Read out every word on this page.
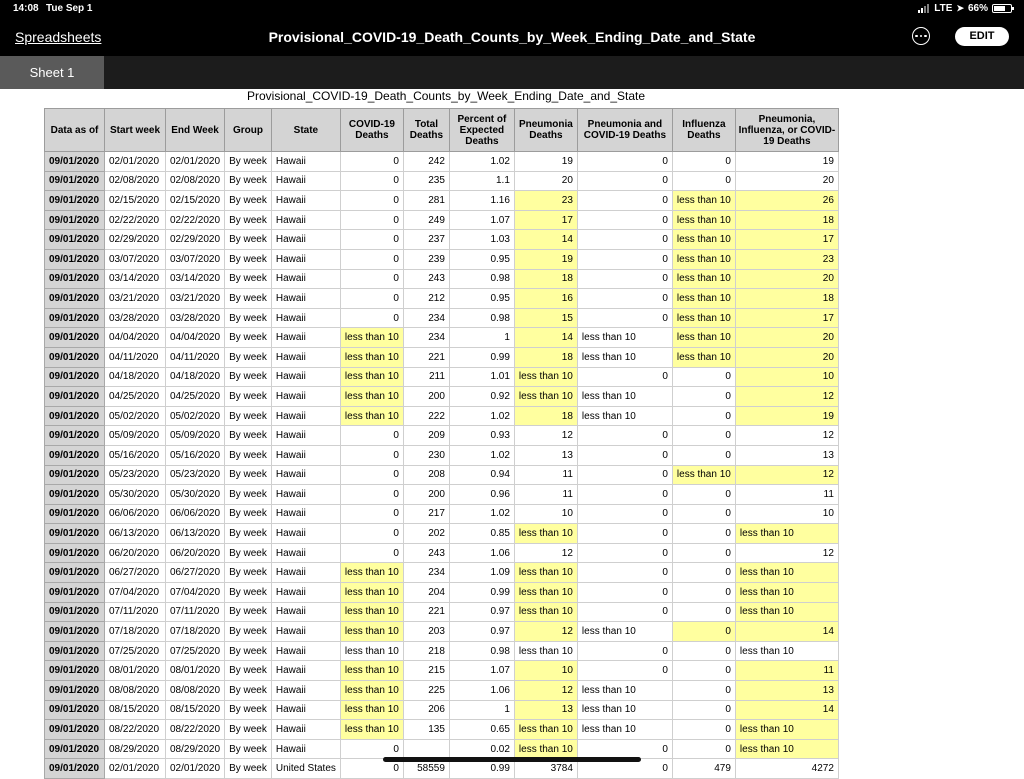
14:08 Tue Sep 1	LTE ➤ 66%
Spreadsheets	Provisional_COVID-19_Death_Counts_by_Week_Ending_Date_and_State	EDIT
Sheet 1
Provisional_COVID-19_Death_Counts_by_Week_Ending_Date_and_State
Data as of	Start week	End Week	Group	State	COVID-19 Deaths	Total Deaths	Percent of Expected Deaths	Pneumonia Deaths	Pneumonia and COVID-19 Deaths	Influenza Deaths	Pneumonia, Influenza, or COVID-19 Deaths
09/01/2020	02/01/2020	02/01/2020	By week	Hawaii	0	242	1.02	19	0	0	19
09/01/2020	02/08/2020	02/08/2020	By week	Hawaii	0	235	1.1	20	0	0	20
09/01/2020	02/15/2020	02/15/2020	By week	Hawaii	0	281	1.16	23	0	less than 10	26
09/01/2020	02/22/2020	02/22/2020	By week	Hawaii	0	249	1.07	17	0	less than 10	18
09/01/2020	02/29/2020	02/29/2020	By week	Hawaii	0	237	1.03	14	0	less than 10	17
09/01/2020	03/07/2020	03/07/2020	By week	Hawaii	0	239	0.95	19	0	less than 10	23
09/01/2020	03/14/2020	03/14/2020	By week	Hawaii	0	243	0.98	18	0	less than 10	20
09/01/2020	03/21/2020	03/21/2020	By week	Hawaii	0	212	0.95	16	0	less than 10	18
09/01/2020	03/28/2020	03/28/2020	By week	Hawaii	0	234	0.98	15	0	less than 10	17
09/01/2020	04/04/2020	04/04/2020	By week	Hawaii	less than 10	234	1	14	less than 10	less than 10	20
09/01/2020	04/11/2020	04/11/2020	By week	Hawaii	less than 10	221	0.99	18	less than 10	less than 10	20
09/01/2020	04/18/2020	04/18/2020	By week	Hawaii	less than 10	211	1.01	less than 10	0	0	10
09/01/2020	04/25/2020	04/25/2020	By week	Hawaii	less than 10	200	0.92	less than 10	less than 10	0	12
09/01/2020	05/02/2020	05/02/2020	By week	Hawaii	less than 10	222	1.02	18	less than 10	0	19
09/01/2020	05/09/2020	05/09/2020	By week	Hawaii	0	209	0.93	12	0	0	12
09/01/2020	05/16/2020	05/16/2020	By week	Hawaii	0	230	1.02	13	0	0	13
09/01/2020	05/23/2020	05/23/2020	By week	Hawaii	0	208	0.94	11	0	less than 10	12
09/01/2020	05/30/2020	05/30/2020	By week	Hawaii	0	200	0.96	11	0	0	11
09/01/2020	06/06/2020	06/06/2020	By week	Hawaii	0	217	1.02	10	0	0	10
09/01/2020	06/13/2020	06/13/2020	By week	Hawaii	0	202	0.85	less than 10	0	0	less than 10
09/01/2020	06/20/2020	06/20/2020	By week	Hawaii	0	243	1.06	12	0	0	12
09/01/2020	06/27/2020	06/27/2020	By week	Hawaii	less than 10	234	1.09	less than 10	0	0	less than 10
09/01/2020	07/04/2020	07/04/2020	By week	Hawaii	less than 10	204	0.99	less than 10	0	0	less than 10
09/01/2020	07/11/2020	07/11/2020	By week	Hawaii	less than 10	221	0.97	less than 10	0	0	less than 10
09/01/2020	07/18/2020	07/18/2020	By week	Hawaii	less than 10	203	0.97	12	less than 10	0	14
09/01/2020	07/25/2020	07/25/2020	By week	Hawaii	less than 10	218	0.98	less than 10	0	0	less than 10
09/01/2020	08/01/2020	08/01/2020	By week	Hawaii	less than 10	215	1.07	10	0	0	11
09/01/2020	08/08/2020	08/08/2020	By week	Hawaii	less than 10	225	1.06	12	less than 10	0	13
09/01/2020	08/15/2020	08/15/2020	By week	Hawaii	less than 10	206	1	13	less than 10	0	14
09/01/2020	08/22/2020	08/22/2020	By week	Hawaii	less than 10	135	0.65	less than 10	less than 10	0	less than 10
09/01/2020	08/29/2020	08/29/2020	By week	Hawaii	0		0.02	less than 10	0	0	less than 10
09/01/2020	02/01/2020	02/01/2020	By week	United States	0	58559	0.99	3784	0	479	4272
